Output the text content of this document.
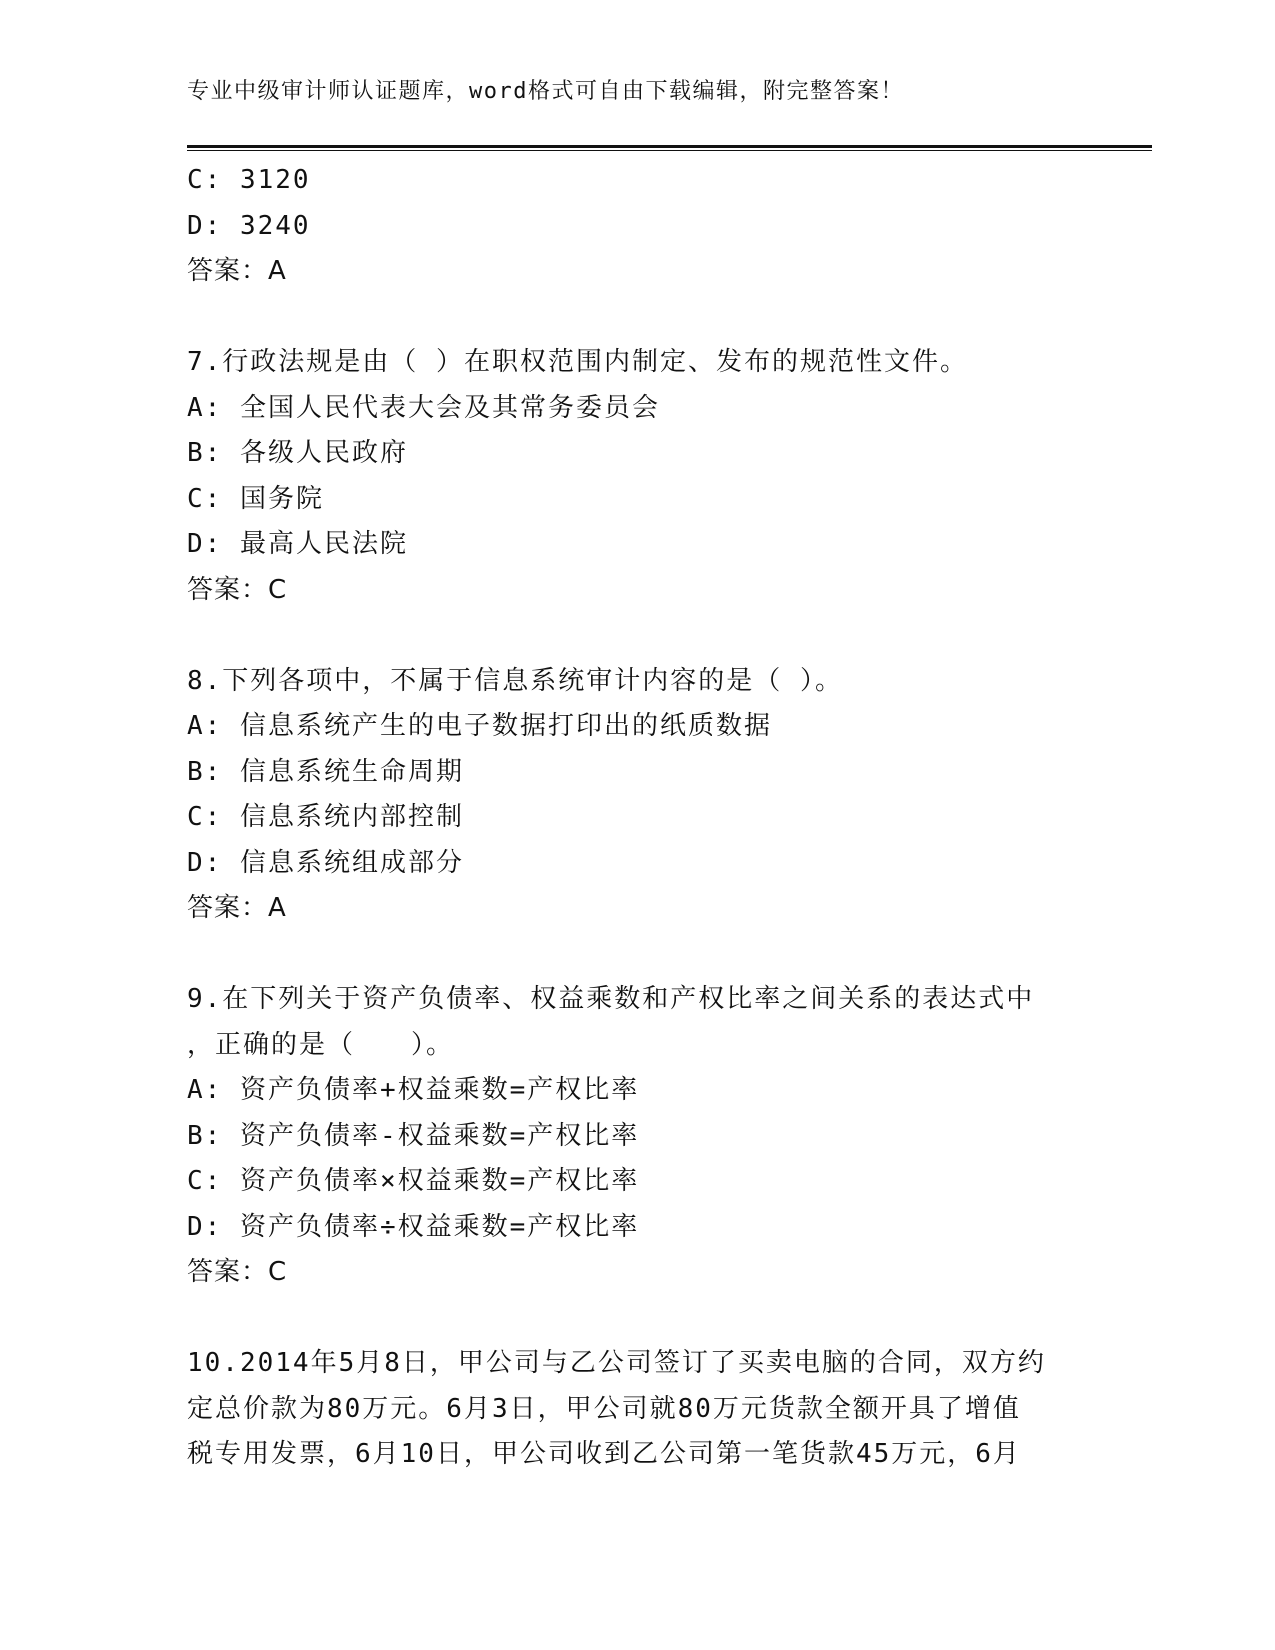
专业中级审计师认证题库，word格式可自由下载编辑，附完整答案！
C: 3120
D: 3240
答案：A
7.行政法规是由（ ）在职权范围内制定、发布的规范性文件。
A: 全国人民代表大会及其常务委员会
B: 各级人民政府
C: 国务院
D: 最高人民法院
答案：C
8.下列各项中，不属于信息系统审计内容的是（ ）。
A: 信息系统产生的电子数据打印出的纸质数据
B: 信息系统生命周期
C: 信息系统内部控制
D: 信息系统组成部分
答案：A
9.在下列关于资产负债率、权益乘数和产权比率之间关系的表达式中
，正确的是（　　）。
A: 资产负债率+权益乘数=产权比率
B: 资产负债率-权益乘数=产权比率
C: 资产负债率×权益乘数=产权比率
D: 资产负债率÷权益乘数=产权比率
答案：C
10.2014年5月8日，甲公司与乙公司签订了买卖电脑的合同，双方约
定总价款为80万元。6月3日，甲公司就80万元货款全额开具了增值
税专用发票，6月10日，甲公司收到乙公司第一笔货款45万元，6月
